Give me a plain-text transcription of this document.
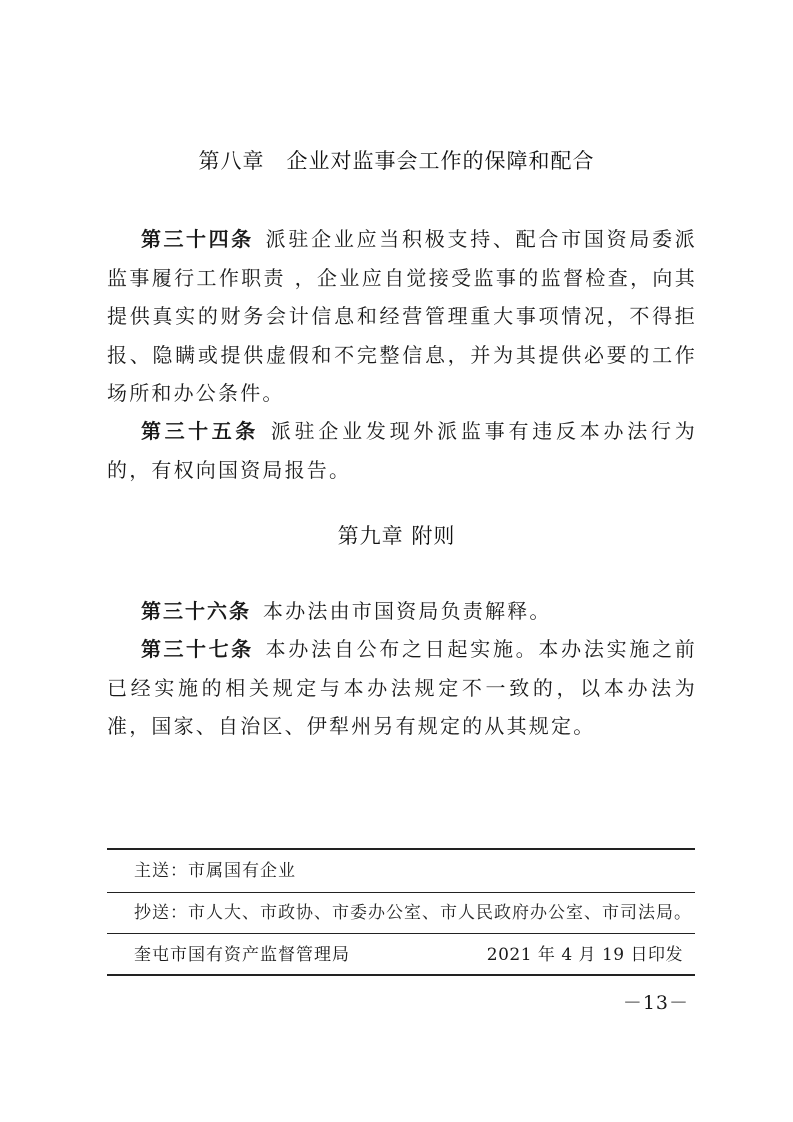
第八章 企业对监事会工作的保障和配合
第三十四条 派驻企业应当积极支持、配合市国资局委派监事履行工作职责 ，企业应自觉接受监事的监督检查，向其提供真实的财务会计信息和经营管理重大事项情况，不得拒报、隐瞒或提供虚假和不完整信息，并为其提供必要的工作场所和办公条件。
第三十五条 派驻企业发现外派监事有违反本办法行为的，有权向国资局报告。
第九章 附则
第三十六条 本办法由市国资局负责解释。
第三十七条 本办法自公布之日起实施。本办法实施之前已经实施的相关规定与本办法规定不一致的，以本办法为准，国家、自治区、伊犁州另有规定的从其规定。
主送：市属国有企业
抄送：市人大、市政协、市委办公室、市人民政府办公室、市司法局。
奎屯市国有资产监督管理局	2021 年 4 月 19 日印发
－13－
